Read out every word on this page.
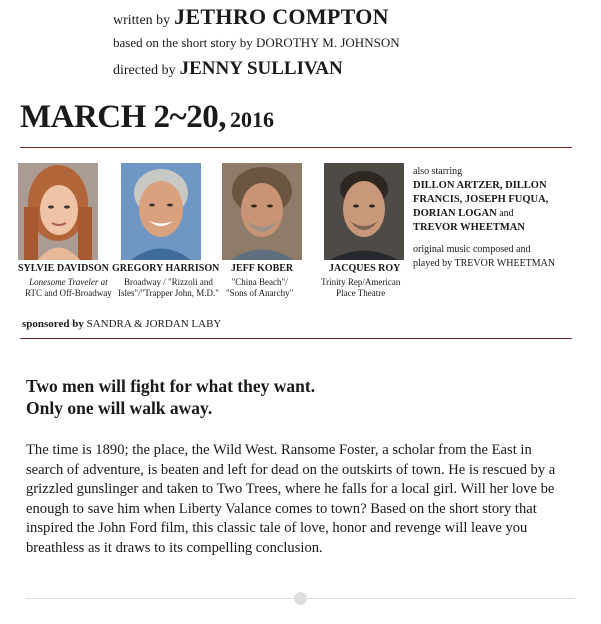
written by JETHRO COMPTON
based on the short story by DOROTHY M. JOHNSON
directed by JENNY SULLIVAN
MARCH 2~20, 2016
SYLVIE DAVIDSON
Lonesome Traveler at
RTC and Off-Broadway
GREGORY HARRISON
Broadway / "Rizzoli and
Isles"/"Trapper John, M.D."
JEFF KOBER
"China Beach"/
"Sons of Anarchy"
JACQUES ROY
Trinity Rep/American
Place Theatre
also starring
DILLON ARTZER, DILLON
FRANCIS, JOSEPH FUQUA,
DORIAN LOGAN and
TREVOR WHEETMAN
original music composed and
played by TREVOR WHEETMAN
sponsored by SANDRA & JORDAN LABY
Two men will fight for what they want.
Only one will walk away.
The time is 1890; the place, the Wild West. Ransome Foster, a scholar from the East in search of adventure, is beaten and left for dead on the outskirts of town. He is rescued by a grizzled gunslinger and taken to Two Trees, where he falls for a local girl. Will her love be enough to save him when Liberty Valance comes to town? Based on the short story that inspired the John Ford film, this classic tale of love, honor and revenge will leave you breathless as it draws to its compelling conclusion.
